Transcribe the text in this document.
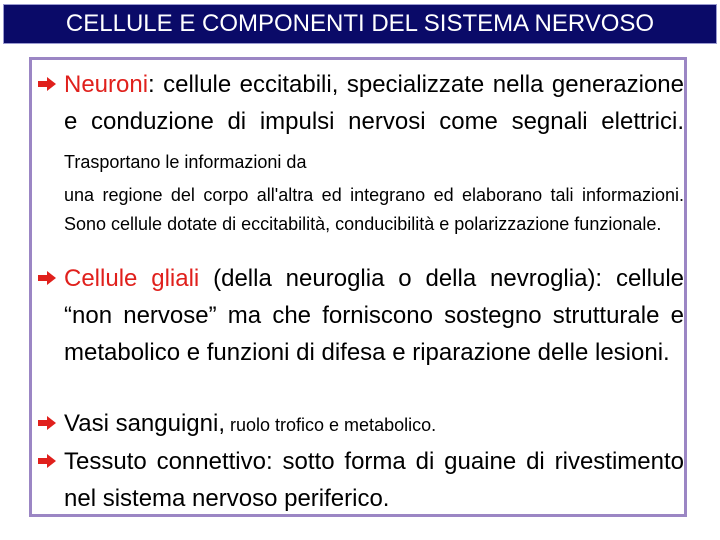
CELLULE E COMPONENTI DEL SISTEMA NERVOSO
Neuroni: cellule eccitabili, specializzate nella generazione e conduzione di impulsi nervosi come segnali elettrici. Trasportano le informazioni da
una regione del corpo all'altra ed integrano ed elaborano tali informazioni. Sono cellule dotate di eccitabilità, conducibilità e polarizzazione funzionale.
Cellule gliali (della neuroglia o della nevroglia): cellule “non nervose” ma che forniscono sostegno strutturale e metabolico e funzioni di difesa e riparazione delle lesioni.
Vasi sanguigni, ruolo trofico e metabolico.
Tessuto connettivo: sotto forma di guaine di rivestimento nel sistema nervoso periferico.
